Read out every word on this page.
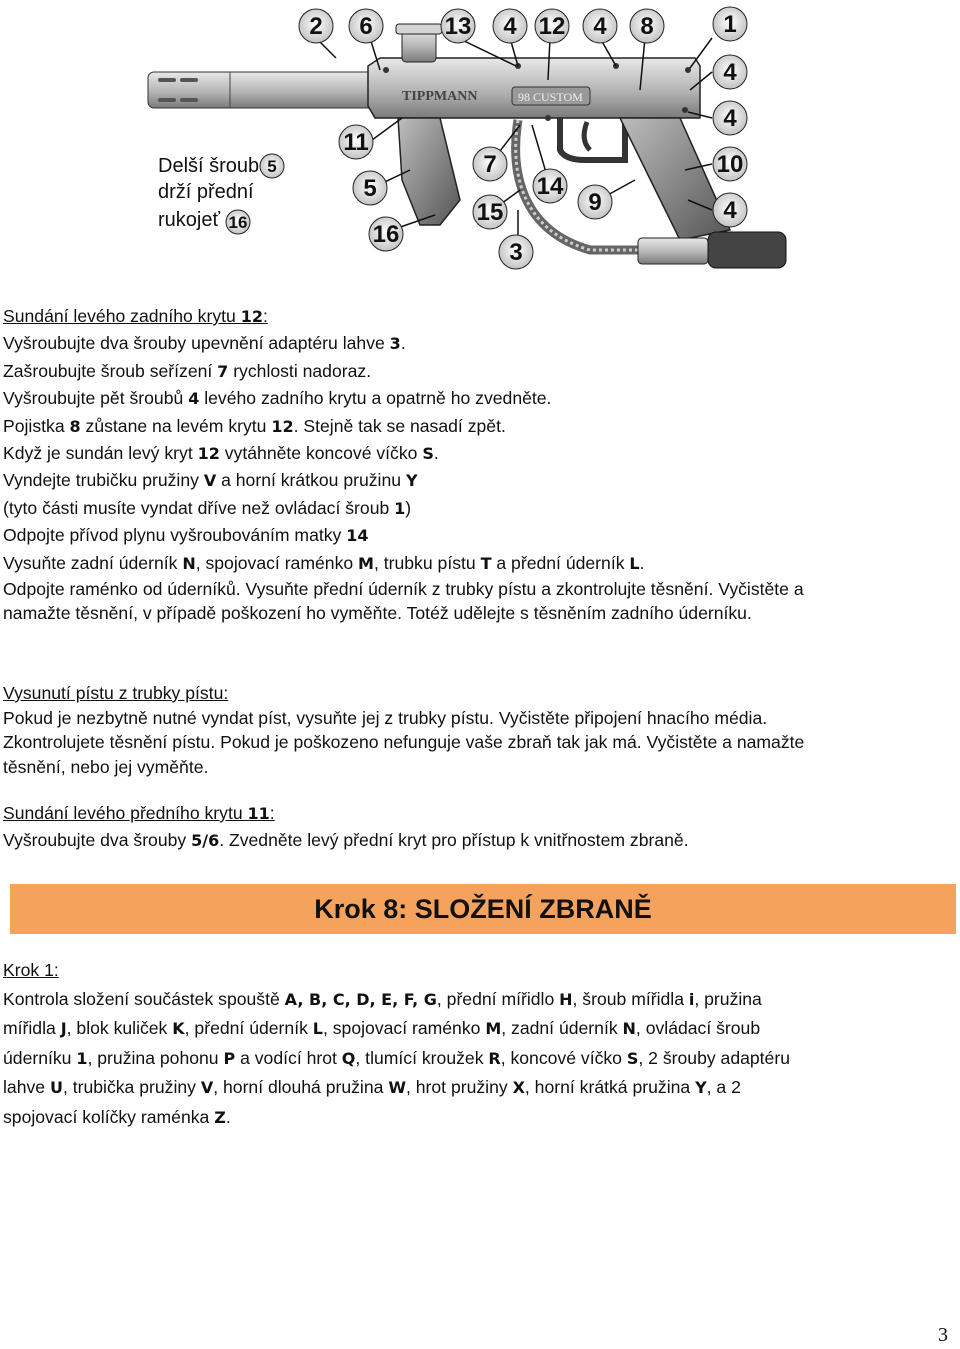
TIPPMANN	98 CUSTOM
2 6	13 4 12 4 8	1
4
4
11
7	10
5	14
9	4
15
16
3
Delší šroub
drží přední
rukojeť
5
16
Sundání levého zadního krytu 12:
Vyšroubujte dva šrouby upevnění adaptéru lahve 3.
Zašroubujte šroub seřízení 7 rychlosti nadoraz.
Vyšroubujte pět šroubů 4 levého zadního krytu a opatrně ho zvedněte.
Pojistka 8 zůstane na levém krytu 12. Stejně tak se nasadí zpět.
Když je sundán levý kryt 12 vytáhněte koncové víčko S.
Vyndejte trubičku pružiny V a horní krátkou pružinu Y
(tyto části musíte vyndat dříve než ovládací šroub 1)
Odpojte přívod plynu vyšroubováním matky 14
Vysuňte zadní úderník N, spojovací raménko M, trubku pístu T a přední úderník L.
Odpojte raménko od úderníků. Vysuňte přední úderník z trubky pístu a zkontrolujte těsnění. Vyčistěte a
namažte těsnění, v případě poškození ho vyměňte. Totéž udělejte s těsněním zadního úderníku.
Vysunutí pístu z trubky pístu:
Pokud je nezbytně nutné vyndat píst, vysuňte jej z trubky pístu. Vyčistěte připojení hnacího média.
Zkontrolujete těsnění pístu. Pokud je poškozeno nefunguje vaše zbraň tak jak má. Vyčistěte a namažte
těsnění, nebo jej vyměňte.
Sundání levého předního krytu 11:
Vyšroubujte dva šrouby 5/6. Zvedněte levý přední kryt pro přístup k vnitřnostem zbraně.
Krok 8: SLOŽENÍ ZBRANĚ
Krok 1:
Kontrola složení součástek spouště A, B, C, D, E, F, G, přední mířidlo H, šroub mířidla i, pružina
mířidla J, blok kuliček K, přední úderník L, spojovací raménko M, zadní úderník N, ovládací šroub
úderníku 1, pružina pohonu P a vodící hrot Q, tlumící kroužek R, koncové víčko S, 2 šrouby adaptéru
lahve U, trubička pružiny V, horní dlouhá pružina W, hrot pružiny X, horní krátká pružina Y, a 2
spojovací kolíčky raménka Z.
3
